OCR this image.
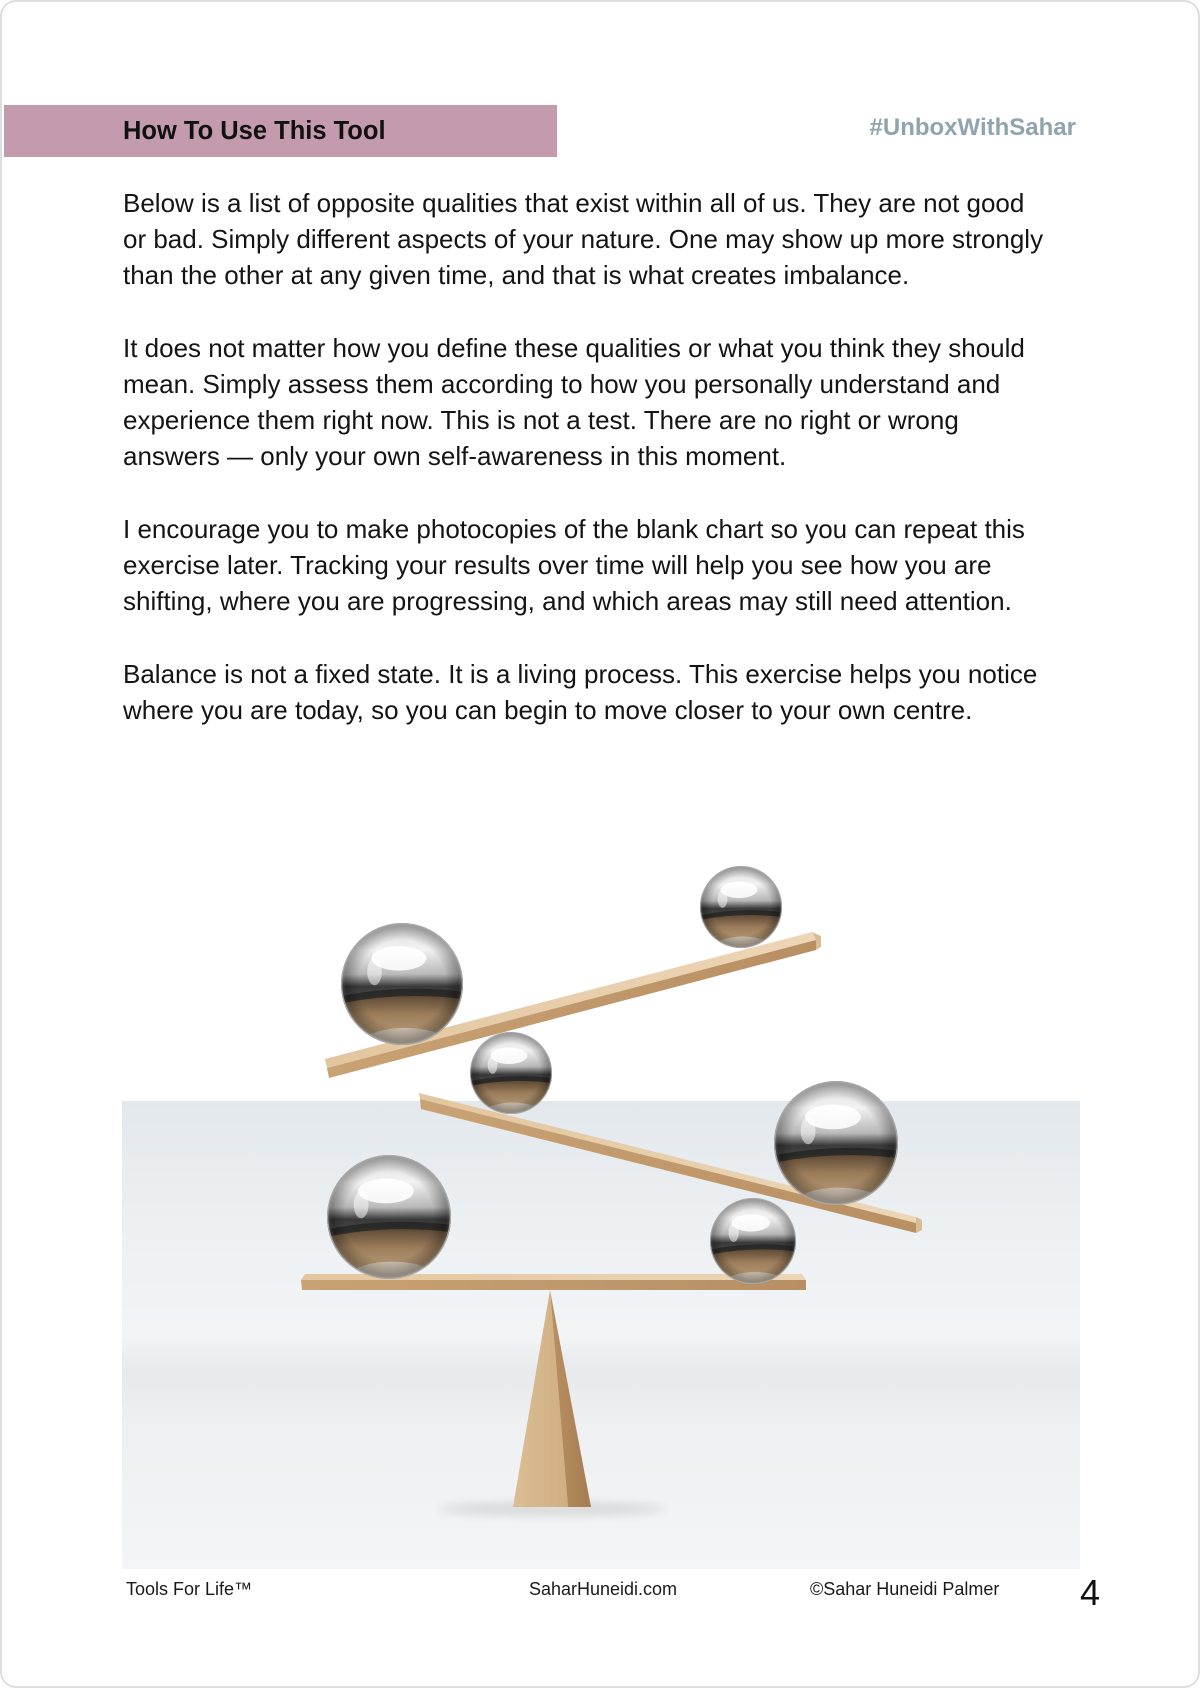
How To Use This Tool	#UnboxWithSahar

Below is a list of opposite qualities that exist within all of us. They are not good
or bad. Simply different aspects of your nature. One may show up more strongly
than the other at any given time, and that is what creates imbalance.

It does not matter how you define these qualities or what you think they should
mean. Simply assess them according to how you personally understand and
experience them right now. This is not a test. There are no right or wrong
answers — only your own self-awareness in this moment.

I encourage you to make photocopies of the blank chart so you can repeat this
exercise later. Tracking your results over time will help you see how you are
shifting, where you are progressing, and which areas may still need attention.

Balance is not a fixed state. It is a living process. This exercise helps you notice
where you are today, so you can begin to move closer to your own centre.

Tools For Life™	SaharHuneidi.com	©Sahar Huneidi Palmer 4
